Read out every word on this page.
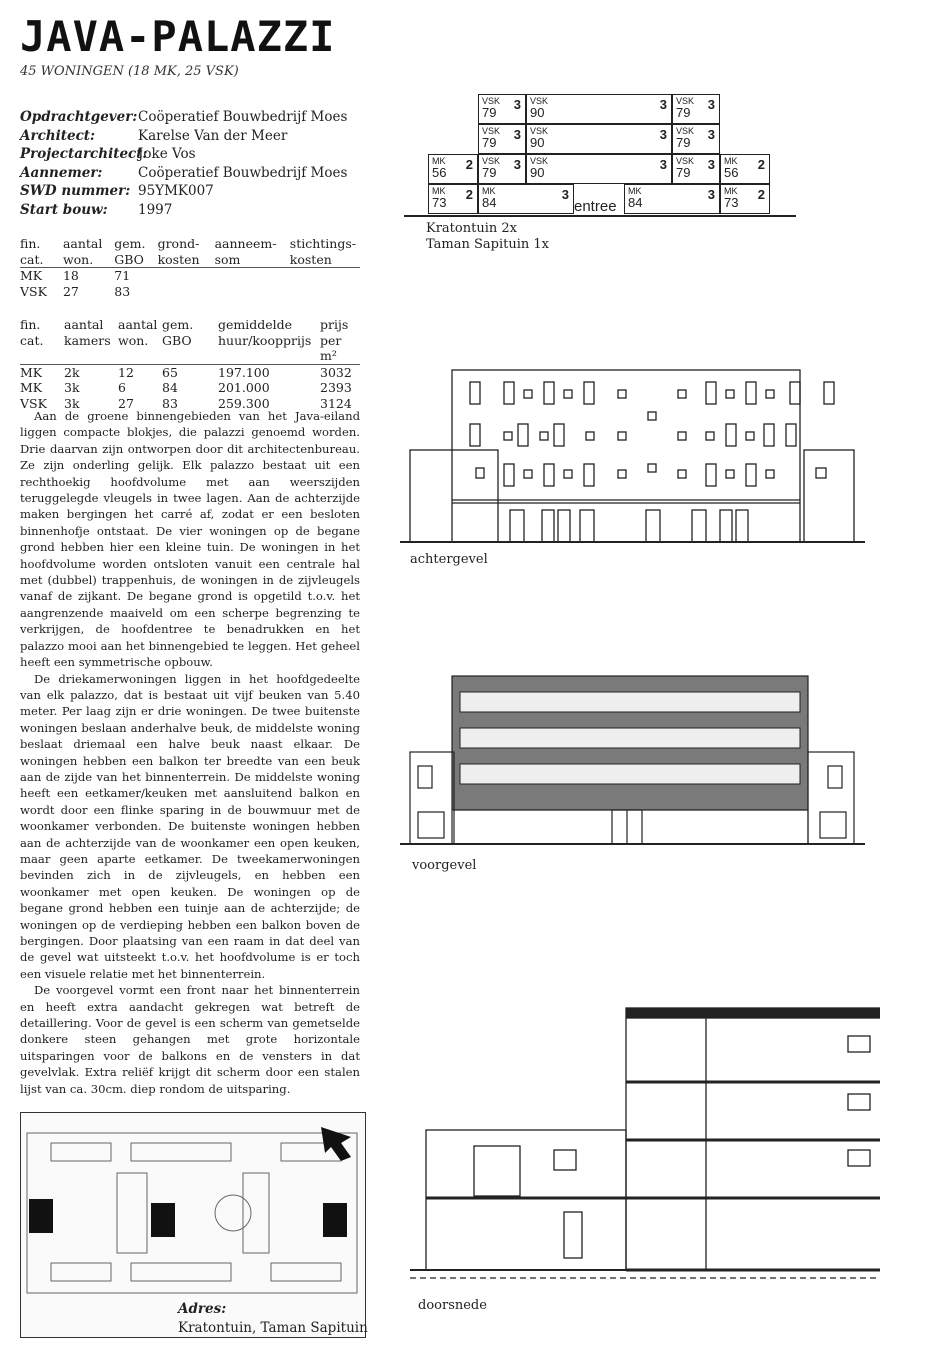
JAVA-PALAZZI
45 WONINGEN (18 MK, 25 VSK)
Opdrachtgever: Coöperatief Bouwbedrijf Moes
Architect:	Karelse Van der Meer
Projectarchitect:
Joke Vos
Aannemer:	Coöperatief Bouwbedrijf Moes
SWD nummer: 95YMK007
Start bouw:	1997
fin.	aantal	gem.	grond-	aanneem-	stichtings-
cat.	won.	GBO	kosten	som	kosten
MK	18	71			
VSK	27	83			
fin.	aantal	aantal	gem.	gemiddelde	prijs
cat.	kamers	won.	GBO	huur/koopprijs	per m²
MK	2k	12	65	197.100	3032
MK	3k	6	84	201.000	2393
VSK	3k	27	83	259.300	3124

Aan de groene binnengebieden van het Java-eiland liggen compacte blokjes, die palazzi genoemd worden. Drie daarvan zijn ontworpen door dit architectenbureau. Ze zijn onderling gelijk. Elk palazzo bestaat uit een rechthoekig hoofdvolume met aan weerszijden teruggelegde vleugels in twee lagen. Aan de achterzijde maken bergingen het carré af, zodat er een besloten binnenhofje ontstaat. De vier woningen op de begane grond hebben hier een kleine tuin. De woningen in het hoofdvolume worden ontsloten vanuit een centrale hal met (dubbel) trappenhuis, de woningen in de zijvleugels vanaf de zijkant. De begane grond is opgetild t.o.v. het aangrenzende maaiveld om een scherpe begrenzing te verkrijgen, de hoofdentree te benadrukken en het palazzo mooi aan het binnengebied te leggen. Het geheel heeft een symmetrische opbouw.

De driekamerwoningen liggen in het hoofdgedeelte van elk palazzo, dat is bestaat uit vijf beuken van 5.40 meter. Per laag zijn er drie woningen. De twee buitenste woningen beslaan anderhalve beuk, de middelste woning beslaat driemaal een halve beuk naast elkaar. De woningen hebben een balkon ter breedte van een beuk aan de zijde van het binnenterrein. De middelste woning heeft een eetkamer/keuken met aansluitend balkon en wordt door een flinke sparing in de bouwmuur met de woonkamer verbonden. De buitenste woningen hebben aan de achterzijde van de woonkamer een open keuken, maar geen aparte eetkamer. De tweekamerwoningen bevinden zich in de zijvleugels, en hebben een woonkamer met open keuken. De woningen op de begane grond hebben een tuinje aan de achterzijde; de woningen op de verdieping hebben een balkon boven de bergingen. Door plaatsing van een raam in dat deel van de gevel wat uitsteekt t.o.v. het hoofdvolume is er toch een visuele relatie met het binnenterrein.

De voorgevel vormt een front naar het binnenterrein en heeft extra aandacht gekregen wat betreft de detaillering. Voor de gevel is een scherm van gemetselde donkere steen gehangen met grote horizontale uitsparingen voor de balkons en de vensters in dat gevelvlak. Extra reliëf krijgt dit scherm door een stalen lijst van ca. 30cm. diep rondom de uitsparing.

VSK
79
3 VSK
90
3 VSK
79
3
VSK
79
3 VSK
90
3 VSK
79
3
MK
56
2 VSK
79
3 VSK
90
3 VSK
79
3 MK
56
2
MK
73
2 MK
84
3
entree
MK
84
3 MK
73
2
Kratontuin 2x
Taman Sapituin 1x
achtergevel
voorgevel
doorsnede
Adres:
Kratontuin, Taman Sapituin
